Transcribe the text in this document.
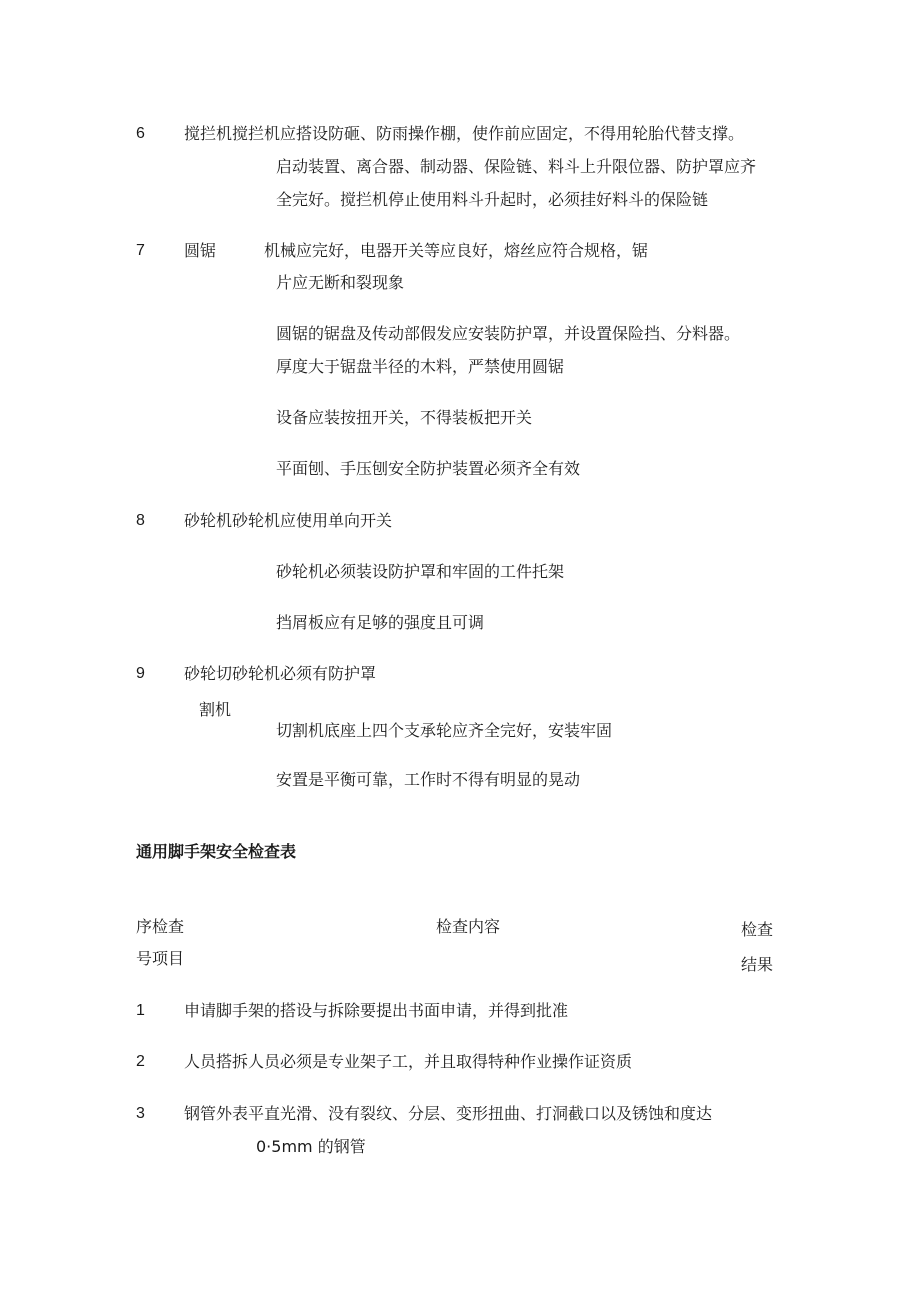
6 搅拦机搅拦机应搭设防砸、防雨操作棚，使作前应固定，不得用轮胎代替支撑。
启动装置、离合器、制动器、保险链、料斗上升限位器、防护罩应齐
全完好。搅拦机停止使用料斗升起时，必须挂好料斗的保险链
7 圆锯	机械应完好，电器开关等应良好，熔丝应符合规格，锯
片应无断和裂现象
圆锯的锯盘及传动部假发应安装防护罩，并设置保险挡、分料器。
厚度大于锯盘半径的木料，严禁使用圆锯
设备应装按扭开关，不得装板把开关
平面刨、手压刨安全防护装置必须齐全有效
8 砂轮机砂轮机应使用单向开关
砂轮机必须装设防护罩和牢固的工件托架
挡屑板应有足够的强度且可调
9 砂轮切砂轮机必须有防护罩
割机
切割机底座上四个支承轮应齐全完好，安装牢固
安置是平衡可靠，工作时不得有明显的晃动
通用脚手架安全检查表
序检查
号项目
检查内容	检查
结果
1 申请脚手架的搭设与拆除要提出书面申请，并得到批准
2 人员搭拆人员必须是专业架子工，并且取得特种作业操作证资质
3 钢管外表平直光滑、没有裂纹、分层、变形扭曲、打洞截口以及锈蚀和度达
0·5mm 的钢管
